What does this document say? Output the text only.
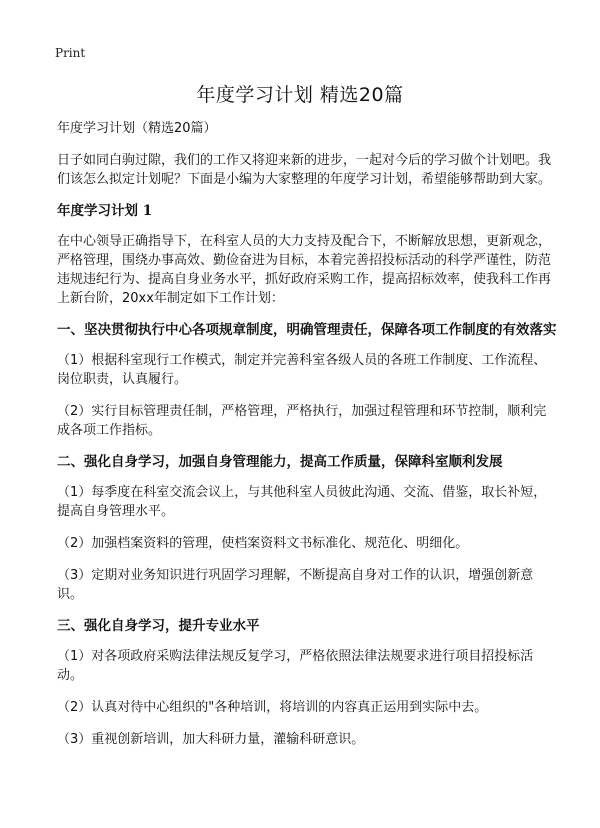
Print
年度学习计划 精选20篇

年度学习计划（精选20篇）

日子如同白驹过隙，我们的工作又将迎来新的进步，一起对今后的学习做个计划吧。我们该怎么拟定计划呢？下面是小编为大家整理的年度学习计划，希望能够帮助到大家。

年度学习计划 1

在中心领导正确指导下，在科室人员的大力支持及配合下，不断解放思想，更新观念，严格管理，围绕办事高效、勤俭奋进为目标，本着完善招投标活动的科学严谨性，防范违规违纪行为、提高自身业务水平，抓好政府采购工作，提高招标效率，使我科工作再上新台阶，20xx年制定如下工作计划：

一、坚决贯彻执行中心各项规章制度，明确管理责任，保障各项工作制度的有效落实

（1）根据科室现行工作模式，制定并完善科室各级人员的各班工作制度、工作流程、岗位职责，认真履行。

（2）实行目标管理责任制，严格管理，严格执行，加强过程管理和环节控制，顺利完成各项工作指标。

二、强化自身学习，加强自身管理能力，提高工作质量，保障科室顺利发展

（1）每季度在科室交流会议上，与其他科室人员彼此沟通、交流、借鉴，取长补短，提高自身管理水平。

（2）加强档案资料的管理，使档案资料文书标准化、规范化、明细化。

（3）定期对业务知识进行巩固学习理解，不断提高自身对工作的认识，增强创新意识。

三、强化自身学习，提升专业水平

（1）对各项政府采购法律法规反复学习，严格依照法律法规要求进行项目招投标活动。

（2）认真对待中心组织的"各种培训，将培训的内容真正运用到实际中去。

（3）重视创新培训，加大科研力量，灌输科研意识。
